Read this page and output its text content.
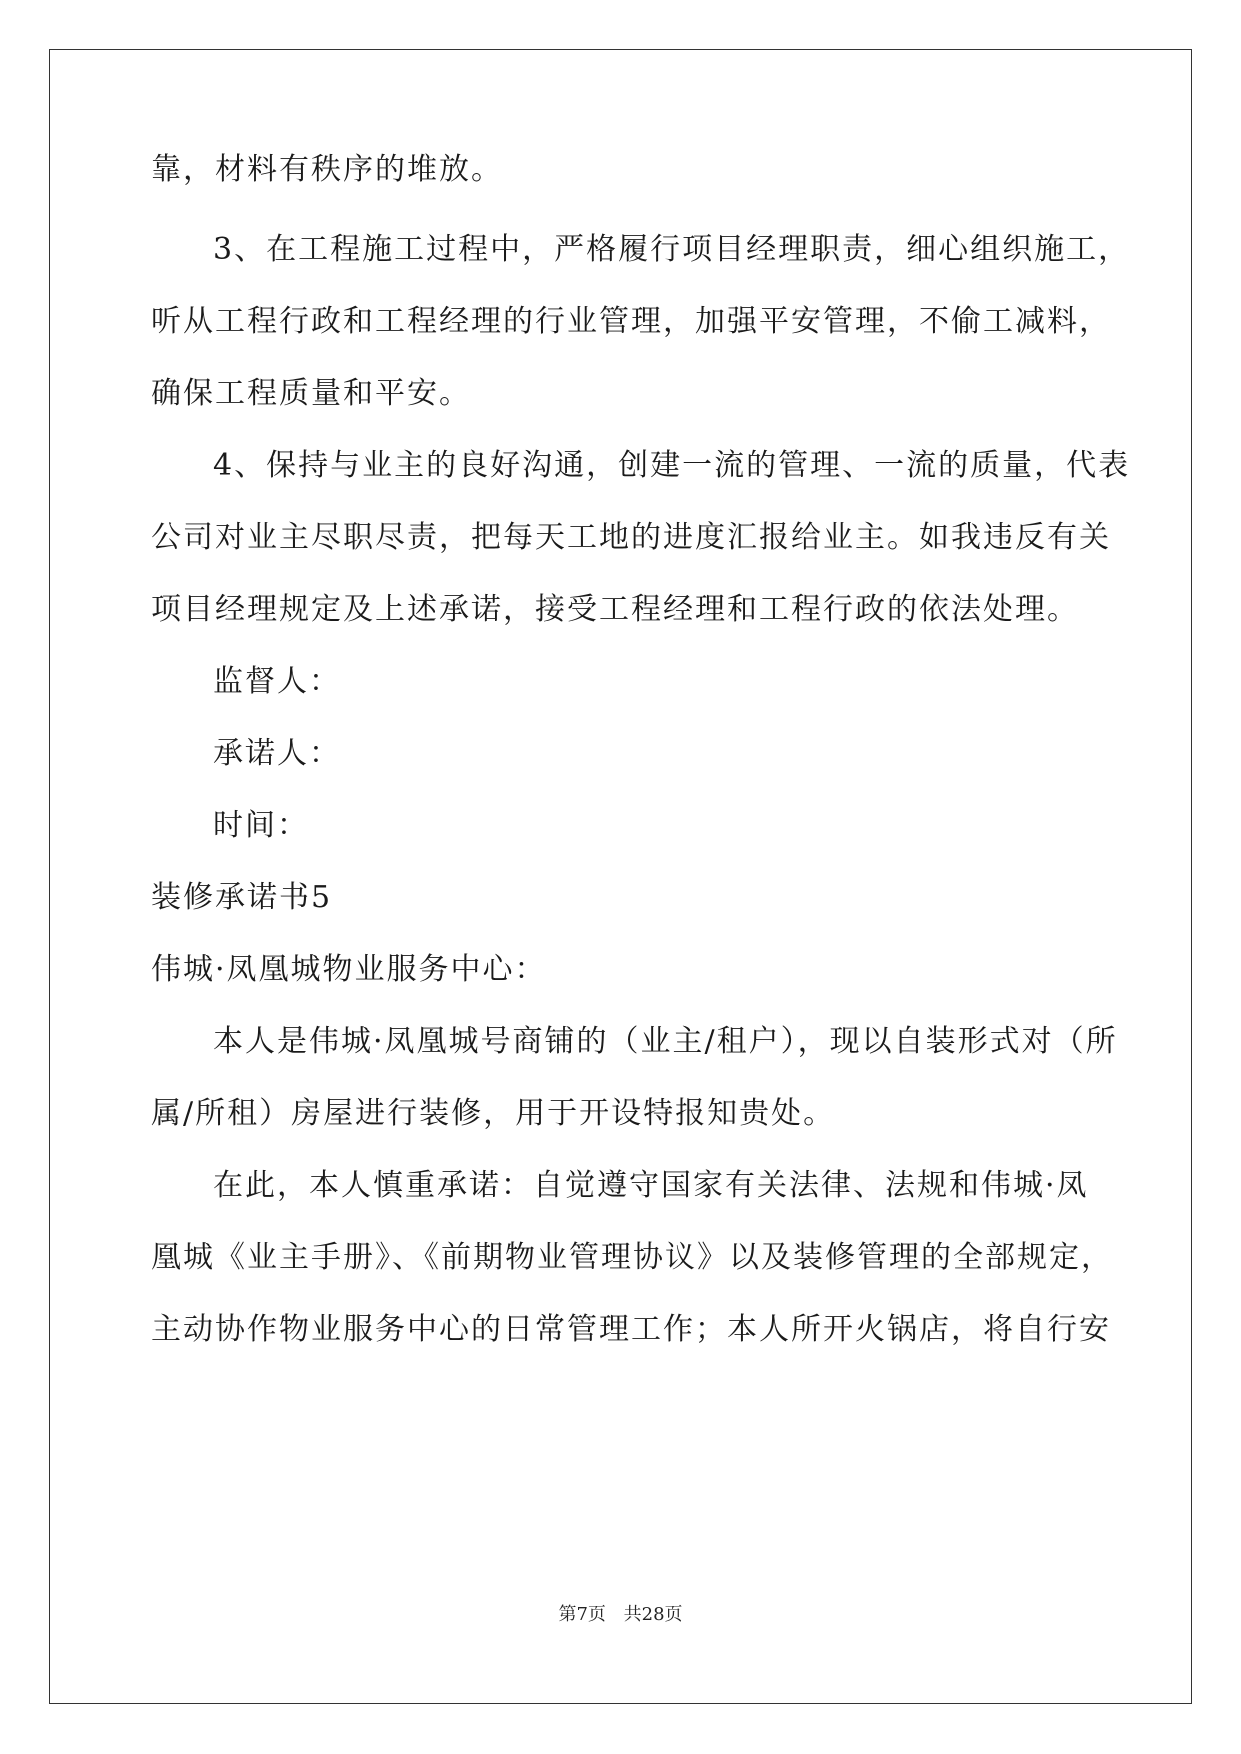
靠，材料有秩序的堆放。
3、在工程施工过程中，严格履行项目经理职责，细心组织施工，
听从工程行政和工程经理的行业管理，加强平安管理，不偷工减料，
确保工程质量和平安。
4、保持与业主的良好沟通，创建一流的管理、一流的质量，代表
公司对业主尽职尽责，把每天工地的进度汇报给业主。如我违反有关
项目经理规定及上述承诺，接受工程经理和工程行政的依法处理。
监督人：
承诺人：
时间：
装修承诺书5
伟城·凤凰城物业服务中心：
本人是伟城·凤凰城号商铺的（业主/租户），现以自装形式对（所
属/所租）房屋进行装修，用于开设特报知贵处。
在此，本人慎重承诺：自觉遵守国家有关法律、法规和伟城·凤
凰城《业主手册》、《前期物业管理协议》以及装修管理的全部规定，
主动协作物业服务中心的日常管理工作；本人所开火锅店，将自行安
第7页 共28页
